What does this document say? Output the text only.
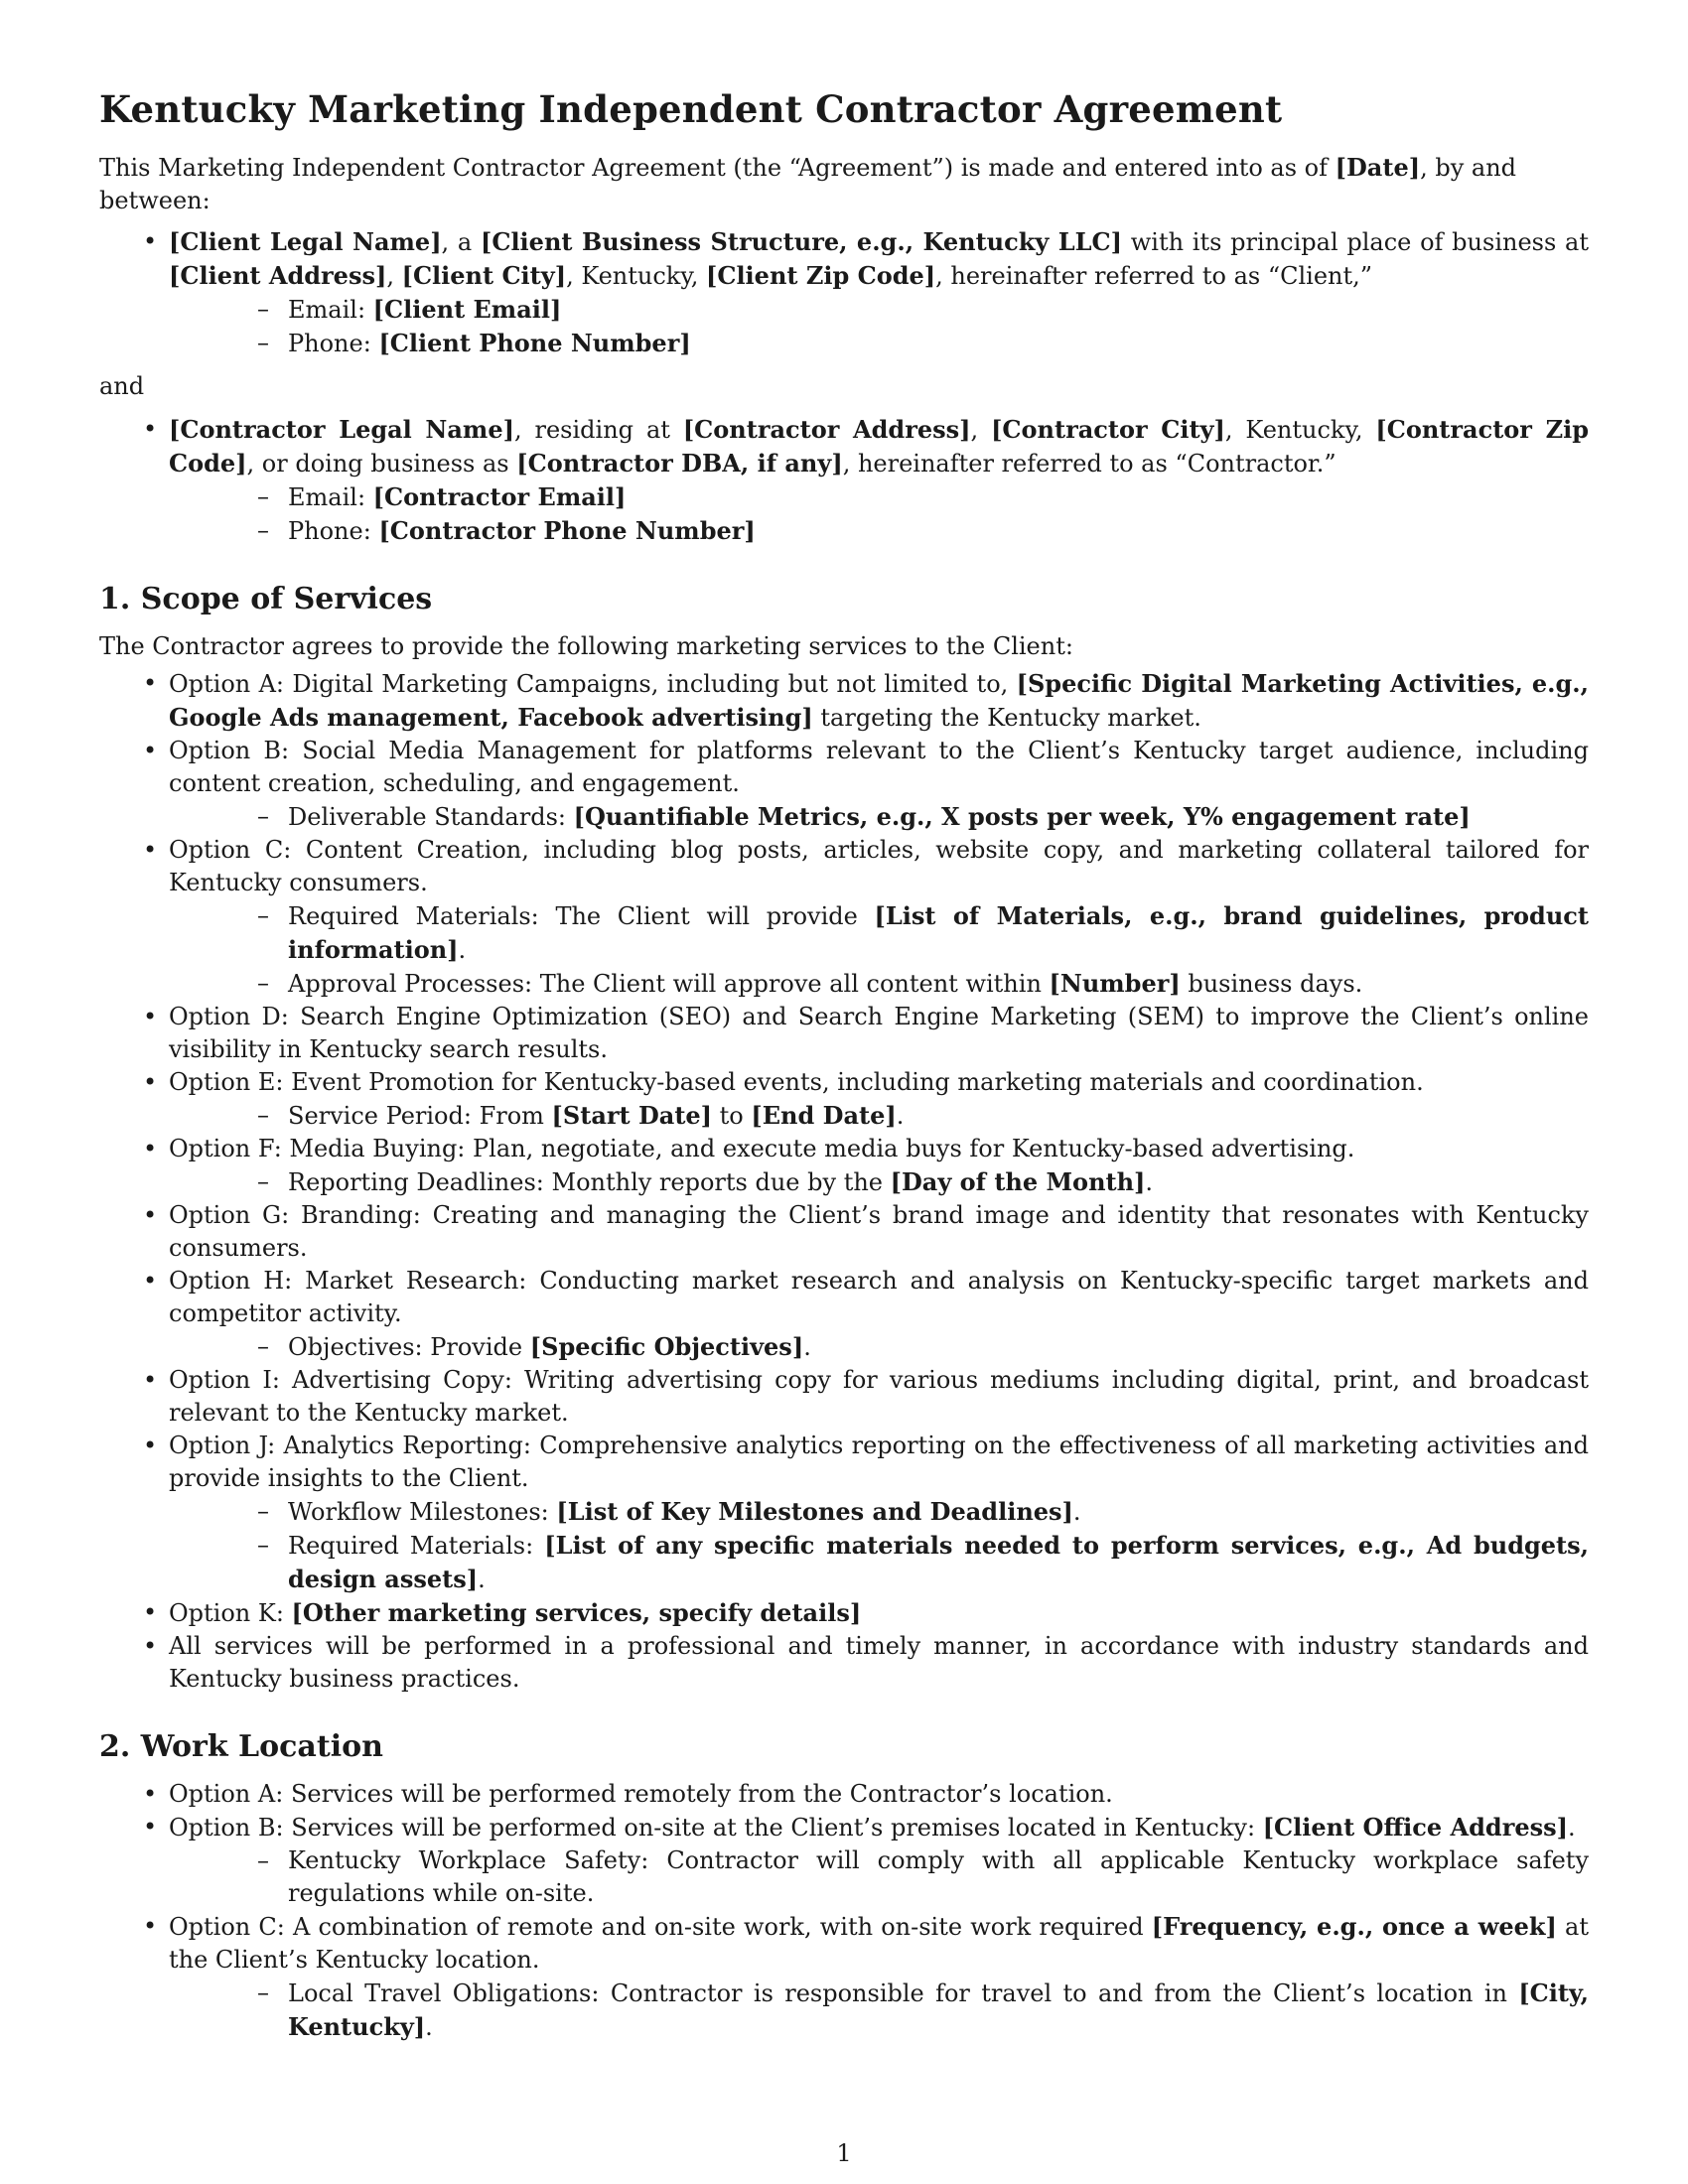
Kentucky Marketing Independent Contractor Agreement

This Marketing Independent Contractor Agreement (the “Agreement”) is made and entered into as of [Date], by and between:

• [Client Legal Name], a [Client Business Structure, e.g., Kentucky LLC] with its principal place of business at [Client Address], [Client City], Kentucky, [Client Zip Code], hereinafter referred to as “Client,”
– Email: [Client Email]
– Phone: [Client Phone Number]

and

• [Contractor Legal Name], residing at [Contractor Address], [Contractor City], Kentucky, [Contractor Zip Code], or doing business as [Contractor DBA, if any], hereinafter referred to as “Contractor.”
– Email: [Contractor Email]
– Phone: [Contractor Phone Number]
1. Scope of Services

The Contractor agrees to provide the following marketing services to the Client:

• Option A: Digital Marketing Campaigns, including but not limited to, [Specific Digital Marketing Activities, e.g., Google Ads management, Facebook advertising] targeting the Kentucky market.
• Option B: Social Media Management for platforms relevant to the Client’s Kentucky target audience, including content creation, scheduling, and engagement.
– Deliverable Standards: [Quantifiable Metrics, e.g., X posts per week, Y% engagement rate]
• Option C: Content Creation, including blog posts, articles, website copy, and marketing collateral tailored for Kentucky consumers.
– Required Materials: The Client will provide [List of Materials, e.g., brand guidelines, product information].
– Approval Processes: The Client will approve all content within [Number] business days.
• Option D: Search Engine Optimization (SEO) and Search Engine Marketing (SEM) to improve the Client’s online visibility in Kentucky search results.
• Option E: Event Promotion for Kentucky-based events, including marketing materials and coordination.
– Service Period: From [Start Date] to [End Date].
• Option F: Media Buying: Plan, negotiate, and execute media buys for Kentucky-based advertising.
– Reporting Deadlines: Monthly reports due by the [Day of the Month].
• Option G: Branding: Creating and managing the Client’s brand image and identity that resonates with Kentucky consumers.
• Option H: Market Research: Conducting market research and analysis on Kentucky-specific target markets and competitor activity.
– Objectives: Provide [Specific Objectives].
• Option I: Advertising Copy: Writing advertising copy for various mediums including digital, print, and broadcast relevant to the Kentucky market.
• Option J: Analytics Reporting: Comprehensive analytics reporting on the effectiveness of all marketing activities and provide insights to the Client.
– Workflow Milestones: [List of Key Milestones and Deadlines].
– Required Materials: [List of any specific materials needed to perform services, e.g., Ad budgets, design assets].
• Option K: [Other marketing services, specify details]
• All services will be performed in a professional and timely manner, in accordance with industry standards and Kentucky business practices.
2. Work Location
• Option A: Services will be performed remotely from the Contractor’s location.
• Option B: Services will be performed on-site at the Client’s premises located in Kentucky: [Client Office Address].
– Kentucky Workplace Safety: Contractor will comply with all applicable Kentucky workplace safety regulations while on-site.
• Option C: A combination of remote and on-site work, with on-site work required [Frequency, e.g., once a week] at the Client’s Kentucky location.
– Local Travel Obligations: Contractor is responsible for travel to and from the Client’s location in [City, Kentucky].
1
